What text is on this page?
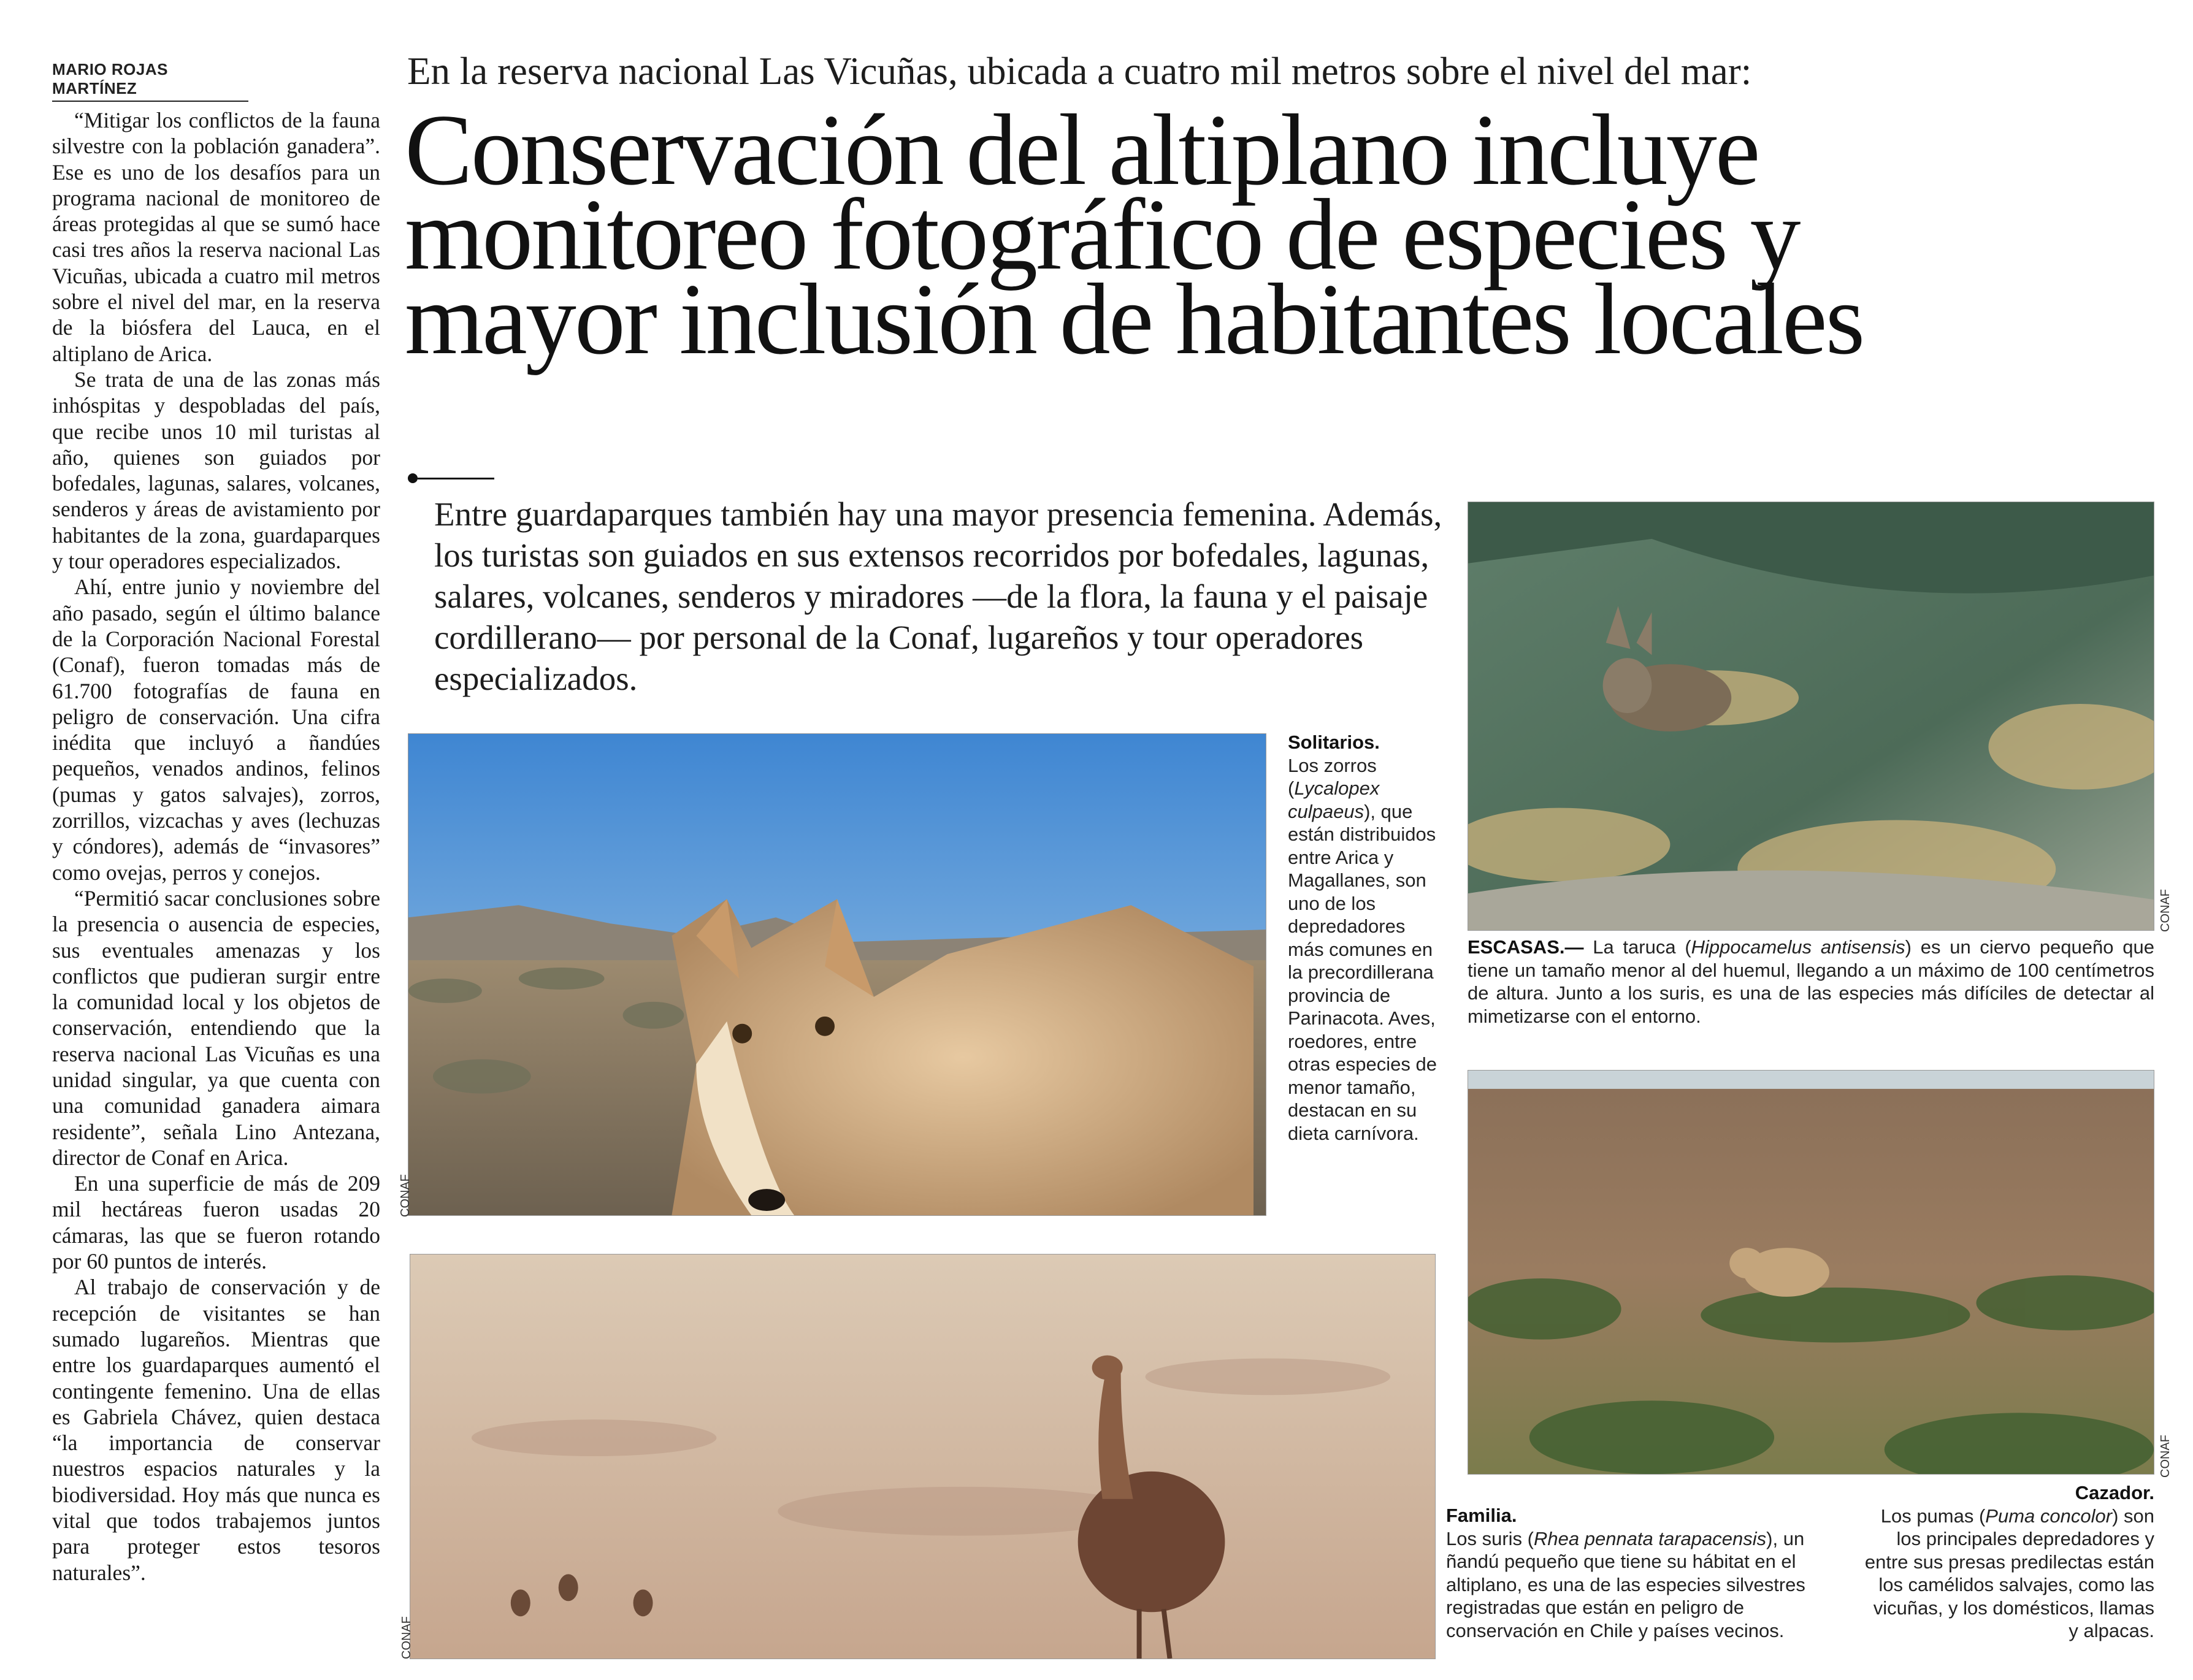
MARIO ROJAS MARTÍNEZ

“Mitigar los conflictos de la fauna silvestre con la población ganadera”. Ese es uno de los desafíos para un programa nacional de monitoreo de áreas protegidas al que se sumó hace casi tres años la reserva nacional Las Vicuñas, ubicada a cuatro mil metros sobre el nivel del mar, en la reserva de la biósfera del Lauca, en el altiplano de Arica.

Se trata de una de las zonas más inhóspitas y despobladas del país, que recibe unos 10 mil turistas al año, quienes son guiados por bofedales, lagunas, salares, volcanes, senderos y áreas de avistamiento por habitantes de la zona, guardaparques y tour operadores especializados.

Ahí, entre junio y noviembre del año pasado, según el último balance de la Corporación Nacional Forestal (Conaf), fueron tomadas más de 61.700 fotografías de fauna en peligro de conservación. Una cifra inédita que incluyó a ñandúes pequeños, venados andinos, felinos (pumas y gatos salvajes), zorros, zorrillos, vizcachas y aves (lechuzas y cóndores), además de “invasores” como ovejas, perros y conejos.

“Permitió sacar conclusiones sobre la presencia o ausencia de especies, sus eventuales amenazas y los conflictos que pudieran surgir entre la comunidad local y los objetos de conservación, entendiendo que la reserva nacional Las Vicuñas es una unidad singular, ya que cuenta con una comunidad ganadera aimara residente”, señala Lino Antezana, director de Conaf en Arica.

En una superficie de más de 209 mil hectáreas fueron usadas 20 cámaras, las que se fueron rotando por 60 puntos de interés.

Al trabajo de conservación y de recepción de visitantes se han sumado lugareños. Mientras que entre los guardaparques aumentó el contingente femenino. Una de ellas es Gabriela Chávez, quien destaca “la importancia de conservar nuestros espacios naturales y la biodiversidad. Hoy más que nunca es vital que todos trabajemos juntos para proteger estos tesoros naturales”.

En la reserva nacional Las Vicuñas, ubicada a cuatro mil metros sobre el nivel del mar:
Conservación del altiplano incluye
monitoreo fotográfico de especies y
mayor inclusión de habitantes locales
Entre guardaparques también hay una mayor presencia femenina. Además, los turistas son guiados en sus extensos recorridos por bofedales, lagunas, salares, volcanes, senderos y miradores —de la flora, la fauna y el paisaje cordillerano— por personal de la Conaf, lugareños y tour operadores especializados.
CONAF
Solitarios.
Los zorros (Lycalopex culpaeus), que están distribuidos entre Arica y Magallanes, son uno de los depredadores más comunes en la precordillerana provincia de Parinacota. Aves, roedores, entre otras especies de menor tamaño, destacan en su dieta carnívora.
CONAF
CONAF
ESCASAS.— La taruca (Hippocamelus antisensis) es un ciervo pequeño que tiene un tamaño menor al del huemul, llegando a un máximo de 100 centímetros de altura. Junto a los suris, es una de las especies más difíciles de detectar al mimetizarse con el entorno.
CONAF
Familia.
Los suris (Rhea pennata tarapacensis), un ñandú pequeño que tiene su hábitat en el altiplano, es una de las especies silvestres registradas que están en peligro de conservación en Chile y países vecinos.
Cazador.
Los pumas (Puma concolor) son los principales depredadores y entre sus presas predilectas están los camélidos salvajes, como las vicuñas, y los domésticos, llamas y alpacas.
